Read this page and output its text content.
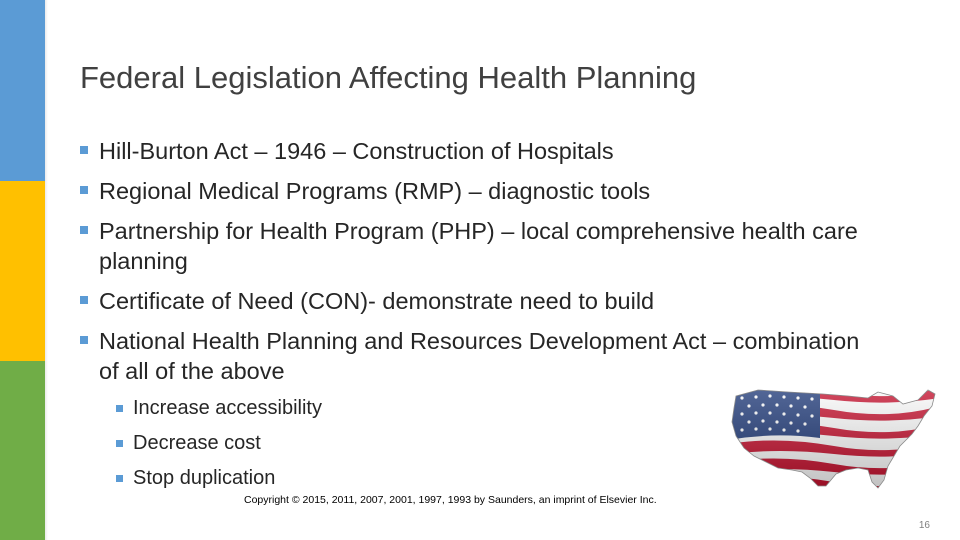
Federal Legislation Affecting Health Planning
Hill-Burton Act – 1946 – Construction of Hospitals
Regional Medical Programs (RMP) – diagnostic tools
Partnership for Health Program (PHP) – local comprehensive health care planning
Certificate of Need (CON)- demonstrate need to build
National Health Planning and Resources Development Act – combination of all of the above
Increase accessibility
Decrease cost
Stop duplication
Copyright © 2015, 2011, 2007, 2001, 1997, 1993 by Saunders, an imprint of Elsevier Inc.
16
